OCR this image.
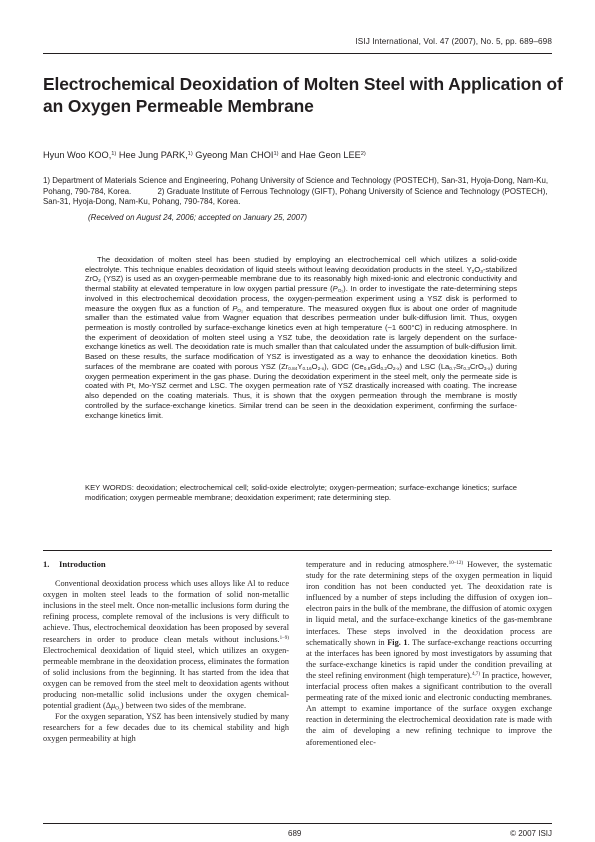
ISIJ International, Vol. 47 (2007), No. 5, pp. 689–698
Electrochemical Deoxidation of Molten Steel with Application of an Oxygen Permeable Membrane
Hyun Woo KOO,$^{1)}$ Hee Jung PARK,$^{1)}$ Gyeong Man CHOI$^{1)}$ and Hae Geon LEE$^{2)}$
1) Department of Materials Science and Engineering, Pohang University of Science and Technology (POSTECH), San-31, Hyoja-Dong, Nam-Ku, Pohang, 790-784, Korea.	2) Graduate Institute of Ferrous Technology (GIFT), Pohang University of Science and Technology (POSTECH), San-31, Hyoja-Dong, Nam-Ku, Pohang, 790-784, Korea.
(Received on August 24, 2006; accepted on January 25, 2007)

The deoxidation of molten steel has been studied by employing an electrochemical cell which utilizes a solid-oxide electrolyte. This technique enables deoxidation of liquid steels without leaving deoxidation products in the steel. $Y_2O_3$-stabilized ZrO$_2$ (YSZ) is used as an oxygen-permeable membrane due to its reasonably high mixed-ionic and electronic conductivity and thermal stability at elevated temperature in low oxygen partial pressure $(P_{O_2})$. In order to investigate the rate-determining steps involved in this electrochemical deoxidation process, the oxygen-permeation experiment using a YSZ disk is performed to measure the oxygen flux as a function of $P_{O_2}$ and temperature. The measured oxygen flux is about one order of magnitude smaller than the estimated value from Wagner equation that describes permeation under bulk-diffusion limit. Thus, oxygen permeation is mostly controlled by surface-exchange kinetics even at high temperature (~1 600°C) in reducing atmosphere. In the experiment of deoxidation of molten steel using a YSZ tube, the deoxidation rate is largely dependent on the surface-exchange kinetics as well. The deoxidation rate is much smaller than that calculated under the assumption of bulk-diffusion limit. Based on these results, the surface modification of YSZ is investigated as a way to enhance the deoxidation kinetics. Both surfaces of the membrane are coated with porous YSZ $(Zr_{0.84}Y_{0.16}O_{2-x})$, GDC $(Ce_{0.8}Gd_{0.2}O_{2-x})$ and LSC $(La_{0.7}Sr_{0.3}CrO_{3-x})$ during oxygen permeation experiment in the gas phase. During the deoxidation experiment in the steel melt, only the permeate side is coated with Pt, Mo-YSZ cermet and LSC. The oxygen permeation rate of YSZ drastically increased with coating. The increase also depended on the coating materials. Thus, it is shown that the oxygen permeation through the membrane is mostly controlled by the surface-exchange kinetics. Similar trend can be seen in the deoxidation experiment, confirming the surface-exchange kinetics limit.

KEY WORDS: deoxidation; electrochemical cell; solid-oxide electrolyte; oxygen-permeation; surface-exchange kinetics; surface modification; oxygen permeable membrane; deoxidation experiment; rate determining step.

1. Introduction

Conventional deoxidation process which uses alloys like Al to reduce oxygen in molten steel leads to the formation of solid non-metallic inclusions in the steel melt. Once non-metallic inclusions form during the refining process, complete removal of the inclusions is very difficult to achieve. Thus, electrochemical deoxidation has been proposed by several researchers in order to produce clean metals without inclusions.$^{1-9)}$ Electrochemical deoxidation of liquid steel, which utilizes an oxygen-permeable membrane in the deoxidation process, eliminates the formation of solid inclusions from the beginning. It has started from the idea that oxygen can be removed from the steel melt to deoxidation agents without producing non-metallic solid inclusions under the oxygen chemical-potential gradient $(\Delta\mu_{O_2})$ between two sides of the membrane.

For the oxygen separation, YSZ has been intensively studied by many researchers for a few decades due to its chemical stability and high oxygen permeability at high

temperature and in reducing atmosphere.$^{10-12)}$ However, the systematic study for the rate determining steps of the oxygen permeation in liquid iron condition has not been conducted yet. The deoxidation rate is influenced by a number of steps including the diffusion of oxygen ion–electron pairs in the bulk of the membrane, the diffusion of atomic oxygen in liquid metal, and the surface-exchange kinetics of the gas-membrane interfaces. These steps involved in the deoxidation process are schematically shown in Fig. 1. The surface-exchange reactions occurring at the interfaces has been ignored by most investigators by assuming that the surface-exchange kinetics is rapid under the condition prevailing at the steel refining environment (high temperature).$^{4,7)}$ In practice, however, interfacial process often makes a significant contribution to the overall permeating rate of the mixed ionic and electronic conducting membranes. An attempt to examine importance of the surface oxygen exchange reaction in determining the electrochemical deoxidation rate is made with the aim of developing a new refining technique to improve the aforementioned elec-

689	© 2007 ISIJ
